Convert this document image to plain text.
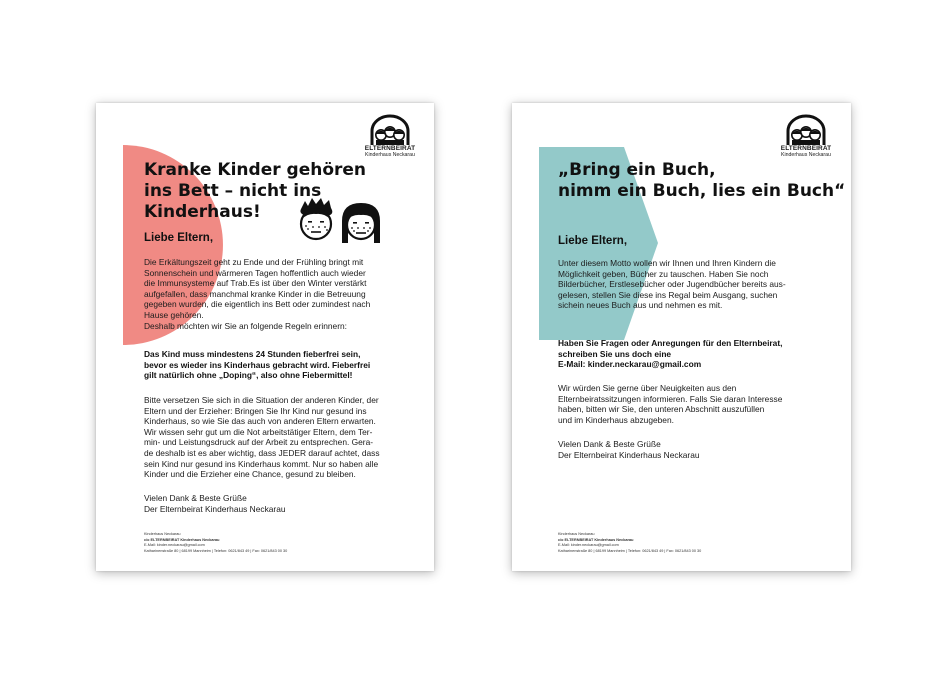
ELTERNBEIRAT
Kinderhaus Neckarau
Kranke Kinder gehören
ins Bett – nicht ins
Kinderhaus!
Liebe Eltern,
Die Erkältungszeit geht zu Ende und der Frühling bringt mit
Sonnenschein und wärmeren Tagen hoffentlich auch wieder
die Immunsysteme auf Trab.Es ist über den Winter verstärkt
aufgefallen, dass manchmal kranke Kinder in die Betreuung
gegeben wurden, die eigentlich ins Bett oder zumindest nach
Hause gehören.
Deshalb möchten wir Sie an folgende Regeln erinnern:
Das Kind muss mindestens 24 Stunden fieberfrei sein,
bevor es wieder ins Kinderhaus gebracht wird. Fieberfrei
gilt natürlich ohne „Doping“, also ohne Fiebermittel!
Bitte versetzen Sie sich in die Situation der anderen Kinder, der
Eltern und der Erzieher: Bringen Sie Ihr Kind nur gesund ins
Kinderhaus, so wie Sie das auch von anderen Eltern erwarten.
Wir wissen sehr gut um die Not arbeitstätiger Eltern, dem Ter-
min- und Leistungsdruck auf der Arbeit zu entsprechen. Gera-
de deshalb ist es aber wichtig, dass JEDER darauf achtet, dass
sein Kind nur gesund ins Kinderhaus kommt. Nur so haben alle
Kinder und die Erzieher eine Chance, gesund zu bleiben.
Vielen Dank & Beste Grüße
Der Elternbeirat Kinderhaus Neckarau
Kinderhaus Neckarau
c/o ELTERNBEIRAT Kinderhaus Neckarau
E-Mail: kinder.neckarau@gmail.com
Katharinenstraße 80 | 68199 Mannheim | Telefon: 0621/843 49 | Fax: 0621/843 00 30
ELTERNBEIRAT
Kinderhaus Neckarau
„Bring ein Buch,
nimm ein Buch, lies ein Buch“
Liebe Eltern,
Unter diesem Motto wollen wir Ihnen und Ihren Kindern die
Möglichkeit geben, Bücher zu tauschen. Haben Sie noch
Bilderbücher, Erstlesebücher oder Jugendbücher bereits aus-
gelesen, stellen Sie diese ins Regal beim Ausgang, suchen
sichein neues Buch aus und nehmen es mit.
Haben Sie Fragen oder Anregungen für den Elternbeirat,
schreiben Sie uns doch eine
E-Mail: kinder.neckarau@gmail.com
Wir würden Sie gerne über Neuigkeiten aus den
Elternbeiratssitzungen informieren. Falls Sie daran Interesse
haben, bitten wir Sie, den unteren Abschnitt auszufüllen
und im Kinderhaus abzugeben.
Vielen Dank & Beste Grüße
Der Elternbeirat Kinderhaus Neckarau
Kinderhaus Neckarau
c/o ELTERNBEIRAT Kinderhaus Neckarau
E-Mail: kinder.neckarau@gmail.com
Katharinenstraße 80 | 68199 Mannheim | Telefon: 0621/843 49 | Fax: 0621/843 00 30
